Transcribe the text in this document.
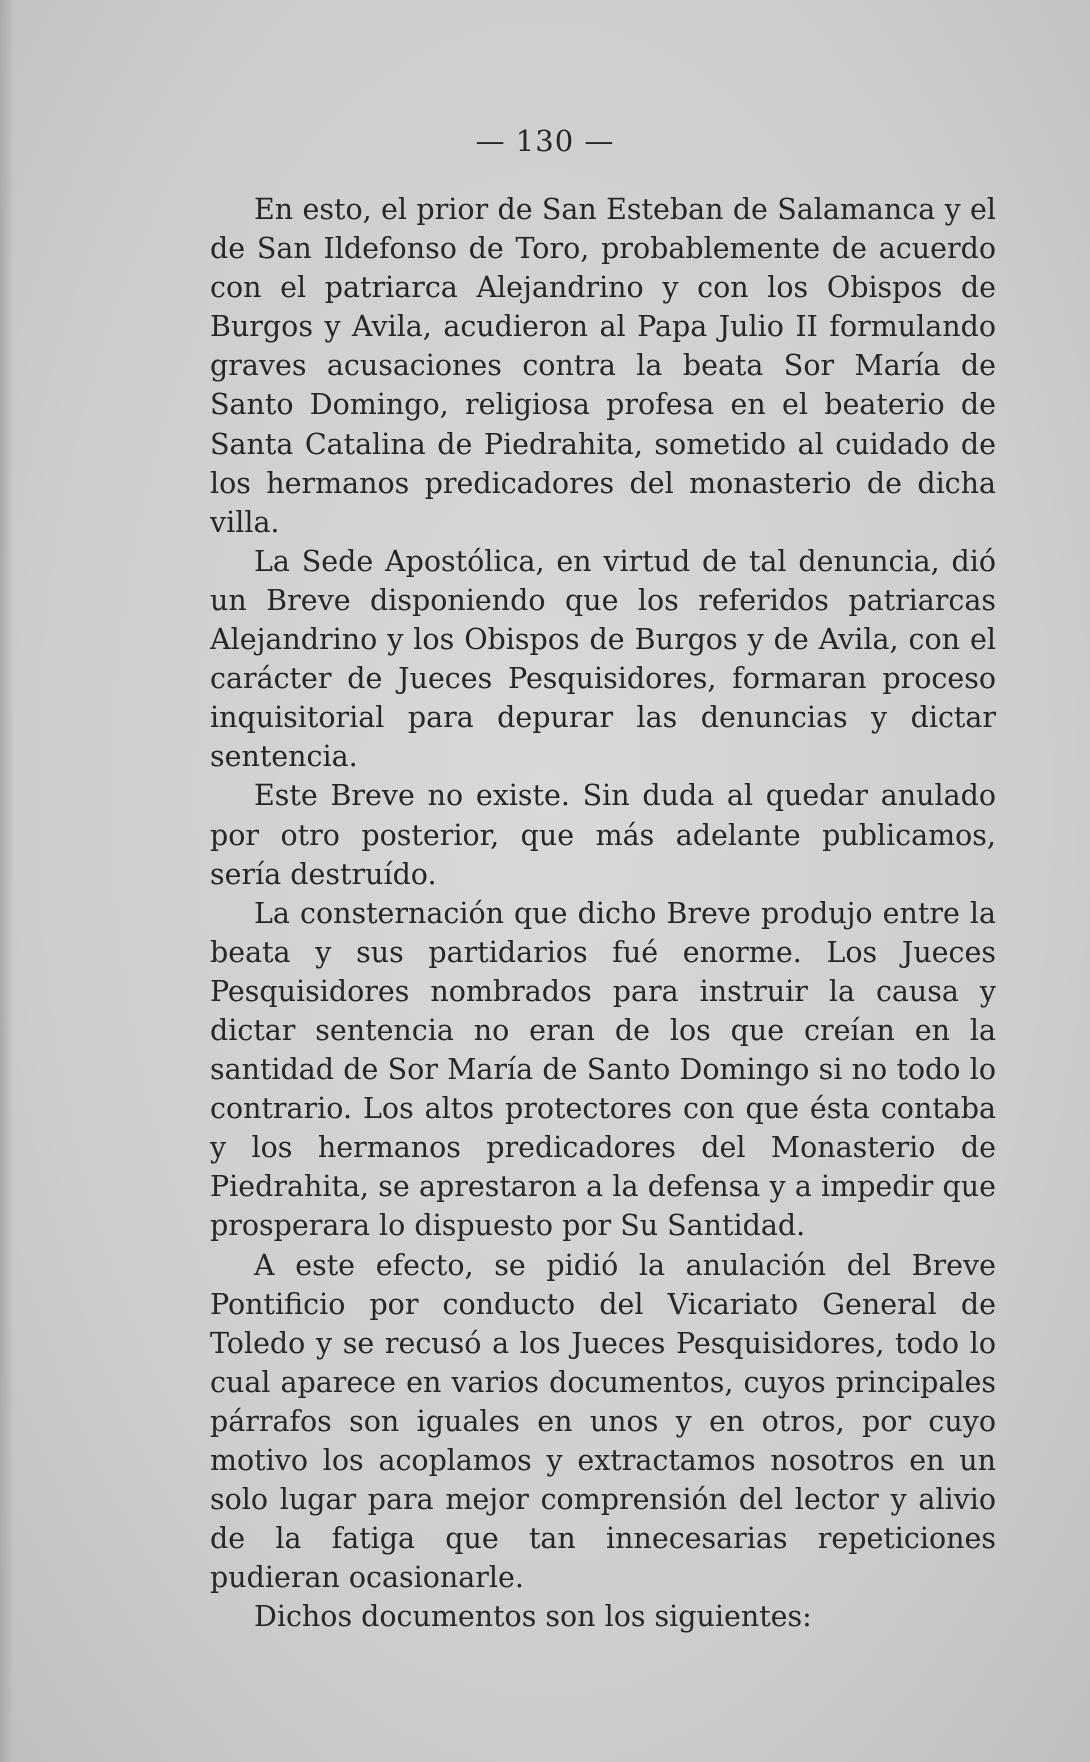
— 130 —

En esto, el prior de San Esteban de Salamanca y el de San Ildefonso de Toro, probablemente de acuerdo con el patriarca Alejandrino y con los Obispos de Burgos y Avila, acudieron al Papa Julio II formulando graves acusaciones contra la beata Sor María de Santo Domingo, religiosa profesa en el beaterio de Santa Catalina de Piedrahita, sometido al cuidado de los hermanos predicadores del monasterio de dicha villa.

La Sede Apostólica, en virtud de tal denuncia, dió un Breve disponiendo que los referidos patriarcas Alejandrino y los Obispos de Burgos y de Avila, con el carácter de Jueces Pesquisidores, formaran proceso inquisitorial para depurar las denuncias y dictar sentencia.

Este Breve no existe. Sin duda al quedar anulado por otro posterior, que más adelante publicamos, sería destruído.

La consternación que dicho Breve produjo entre la beata y sus partidarios fué enorme. Los Jueces Pesquisidores nombrados para instruir la causa y dictar sentencia no eran de los que creían en la santidad de Sor María de Santo Domingo si no todo lo contrario. Los altos protectores con que ésta contaba y los hermanos predicadores del Monasterio de Piedrahita, se aprestaron a la defensa y a impedir que prosperara lo dispuesto por Su Santidad.

A este efecto, se pidió la anulación del Breve Pontificio por conducto del Vicariato General de Toledo y se recusó a los Jueces Pesquisidores, todo lo cual aparece en varios documentos, cuyos principales párrafos son iguales en unos y en otros, por cuyo motivo los acoplamos y extractamos nosotros en un solo lugar para mejor comprensión del lector y alivio de la fatiga que tan innecesarias repeticiones pudieran ocasionarle.

Dichos documentos son los siguientes:
